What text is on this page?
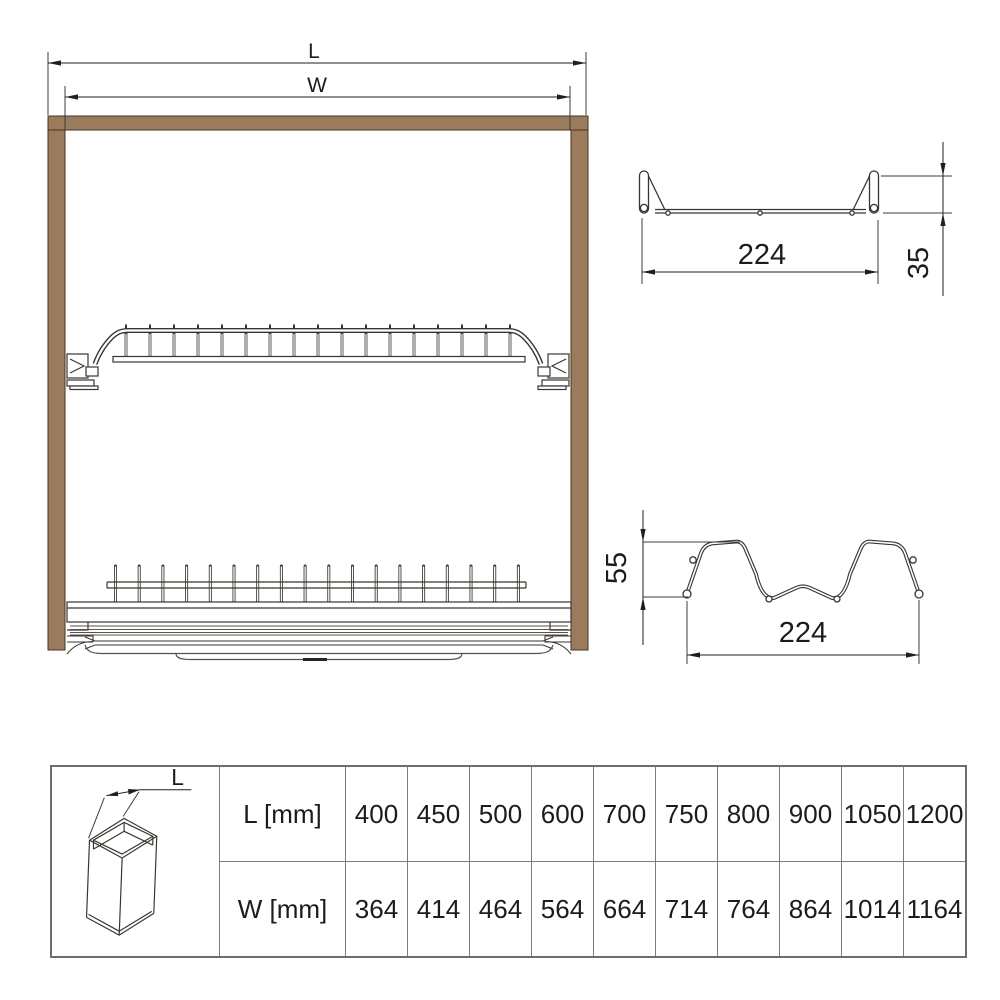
L
W
224	35
55
224
L	L [mm]	400	450	500	600	700	750	800	900	1050	1200
	W [mm]	364	414	464	564	664	714	764	864	1014	1164
